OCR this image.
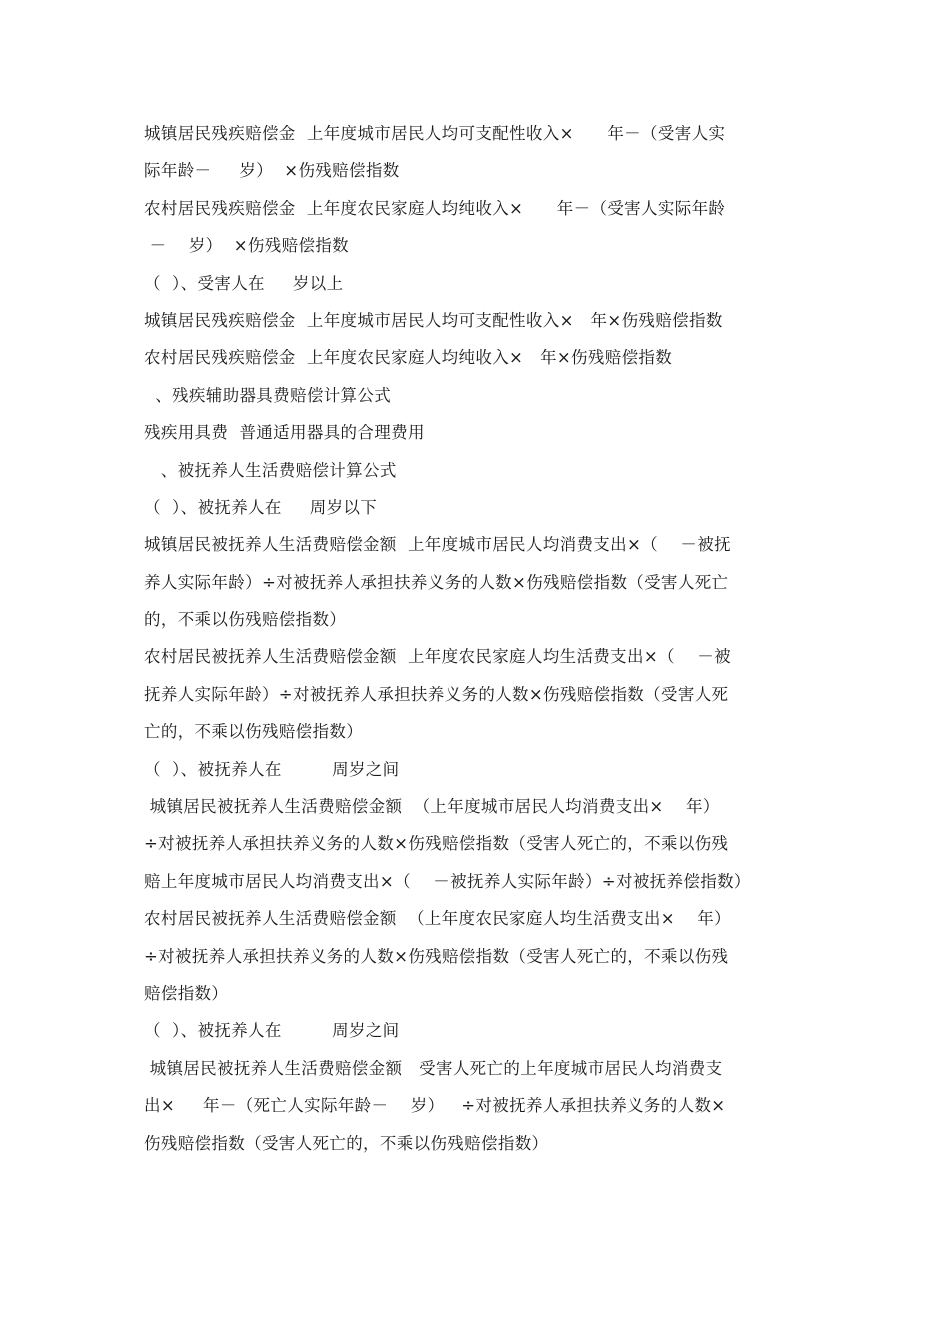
城镇居民残疾赔偿金  上年度城市居民人均可支配性收入×      年－（受害人实
际年龄－     岁）  ×伤残赔偿指数
农村居民残疾赔偿金  上年度农民家庭人均纯收入×      年－（受害人实际年龄
－    岁）  ×伤残赔偿指数
（  ）、受害人在     岁以上
城镇居民残疾赔偿金  上年度城市居民人均可支配性收入×   年×伤残赔偿指数
农村居民残疾赔偿金  上年度农民家庭人均纯收入×   年×伤残赔偿指数
、残疾辅助器具费赔偿计算公式
残疾用具费  普通适用器具的合理费用
、被抚养人生活费赔偿计算公式
（  ）、被抚养人在     周岁以下
城镇居民被抚养人生活费赔偿金额  上年度城市居民人均消费支出×（    －被抚
养人实际年龄）÷对被抚养人承担扶养义务的人数×伤残赔偿指数（受害人死亡
的，不乘以伤残赔偿指数）
农村居民被抚养人生活费赔偿金额  上年度农民家庭人均生活费支出×（    －被
抚养人实际年龄）÷对被抚养人承担扶养义务的人数×伤残赔偿指数（受害人死
亡的，不乘以伤残赔偿指数）
（  ）、被抚养人在         周岁之间
城镇居民被抚养人生活费赔偿金额  （上年度城市居民人均消费支出×    年）
÷对被抚养人承担扶养义务的人数×伤残赔偿指数（受害人死亡的，不乘以伤残
赔上年度城市居民人均消费支出×（    －被抚养人实际年龄）÷对被抚养偿指数）
农村居民被抚养人生活费赔偿金额  （上年度农民家庭人均生活费支出×    年）
÷对被抚养人承担扶养义务的人数×伤残赔偿指数（受害人死亡的，不乘以伤残
赔偿指数）
（  ）、被抚养人在         周岁之间
城镇居民被抚养人生活费赔偿金额   受害人死亡的上年度城市居民人均消费支
出×     年－（死亡人实际年龄－    岁）   ÷对被抚养人承担扶养义务的人数×
伤残赔偿指数（受害人死亡的，不乘以伤残赔偿指数）
